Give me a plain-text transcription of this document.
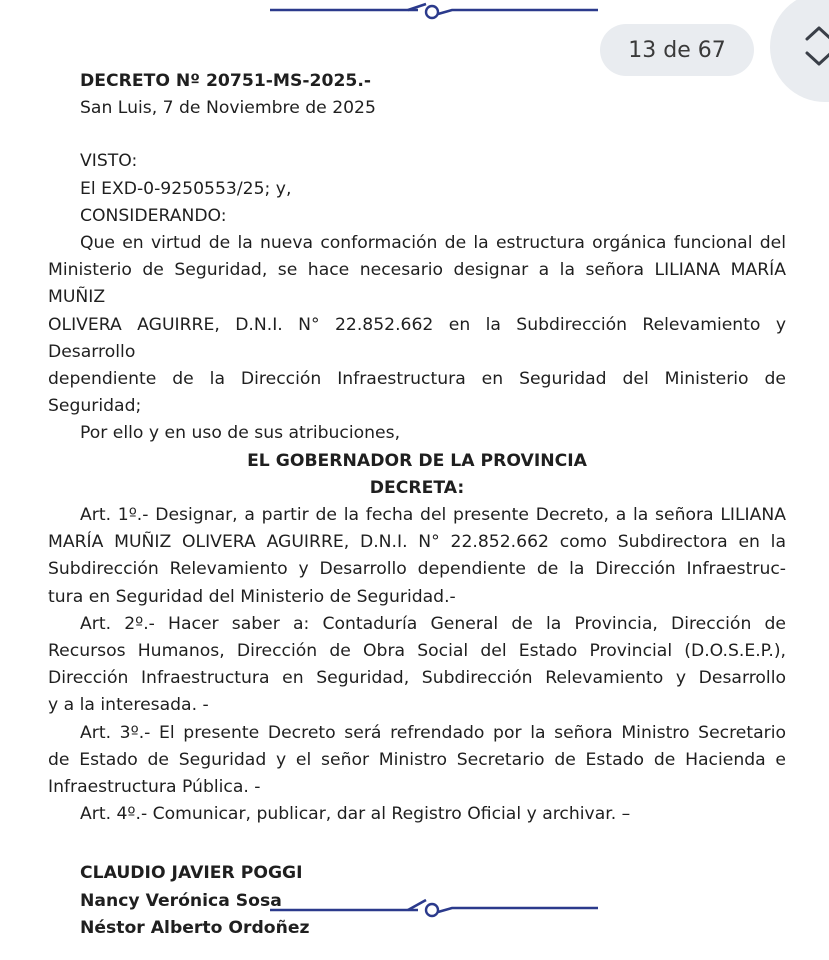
13 de 67
DECRETO Nº 20751-MS-2025.-
San Luis, 7 de Noviembre de 2025
VISTO:
El EXD-0-9250553/25; y,
CONSIDERANDO:
Que en virtud de la nueva conformación de la estructura orgánica funcional del
Ministerio de Seguridad, se hace necesario designar a la señora LILIANA MARÍA MUÑIZ
OLIVERA AGUIRRE, D.N.I. N° 22.852.662 en la Subdirección Relevamiento y Desarrollo
dependiente de la Dirección Infraestructura en Seguridad del Ministerio de Seguridad;
Por ello y en uso de sus atribuciones,
EL GOBERNADOR DE LA PROVINCIA
DECRETA:
Art. 1º.- Designar, a partir de la fecha del presente Decreto, a la señora LILIANA
MARÍA MUÑIZ OLIVERA AGUIRRE, D.N.I. N° 22.852.662 como Subdirectora en la
Subdirección Relevamiento y Desarrollo dependiente de la Dirección Infraestruc-
tura en Seguridad del Ministerio de Seguridad.-
Art. 2º.- Hacer saber a: Contaduría General de la Provincia, Dirección de
Recursos Humanos, Dirección de Obra Social del Estado Provincial (D.O.S.E.P.),
Dirección Infraestructura en Seguridad, Subdirección Relevamiento y Desarrollo
y a la interesada. -
Art. 3º.- El presente Decreto será refrendado por la señora Ministro Secretario
de Estado de Seguridad y el señor Ministro Secretario de Estado de Hacienda e
Infraestructura Pública. -
Art. 4º.- Comunicar, publicar, dar al Registro Oficial y archivar. –
CLAUDIO JAVIER POGGI
Nancy Verónica Sosa
Néstor Alberto Ordoñez
